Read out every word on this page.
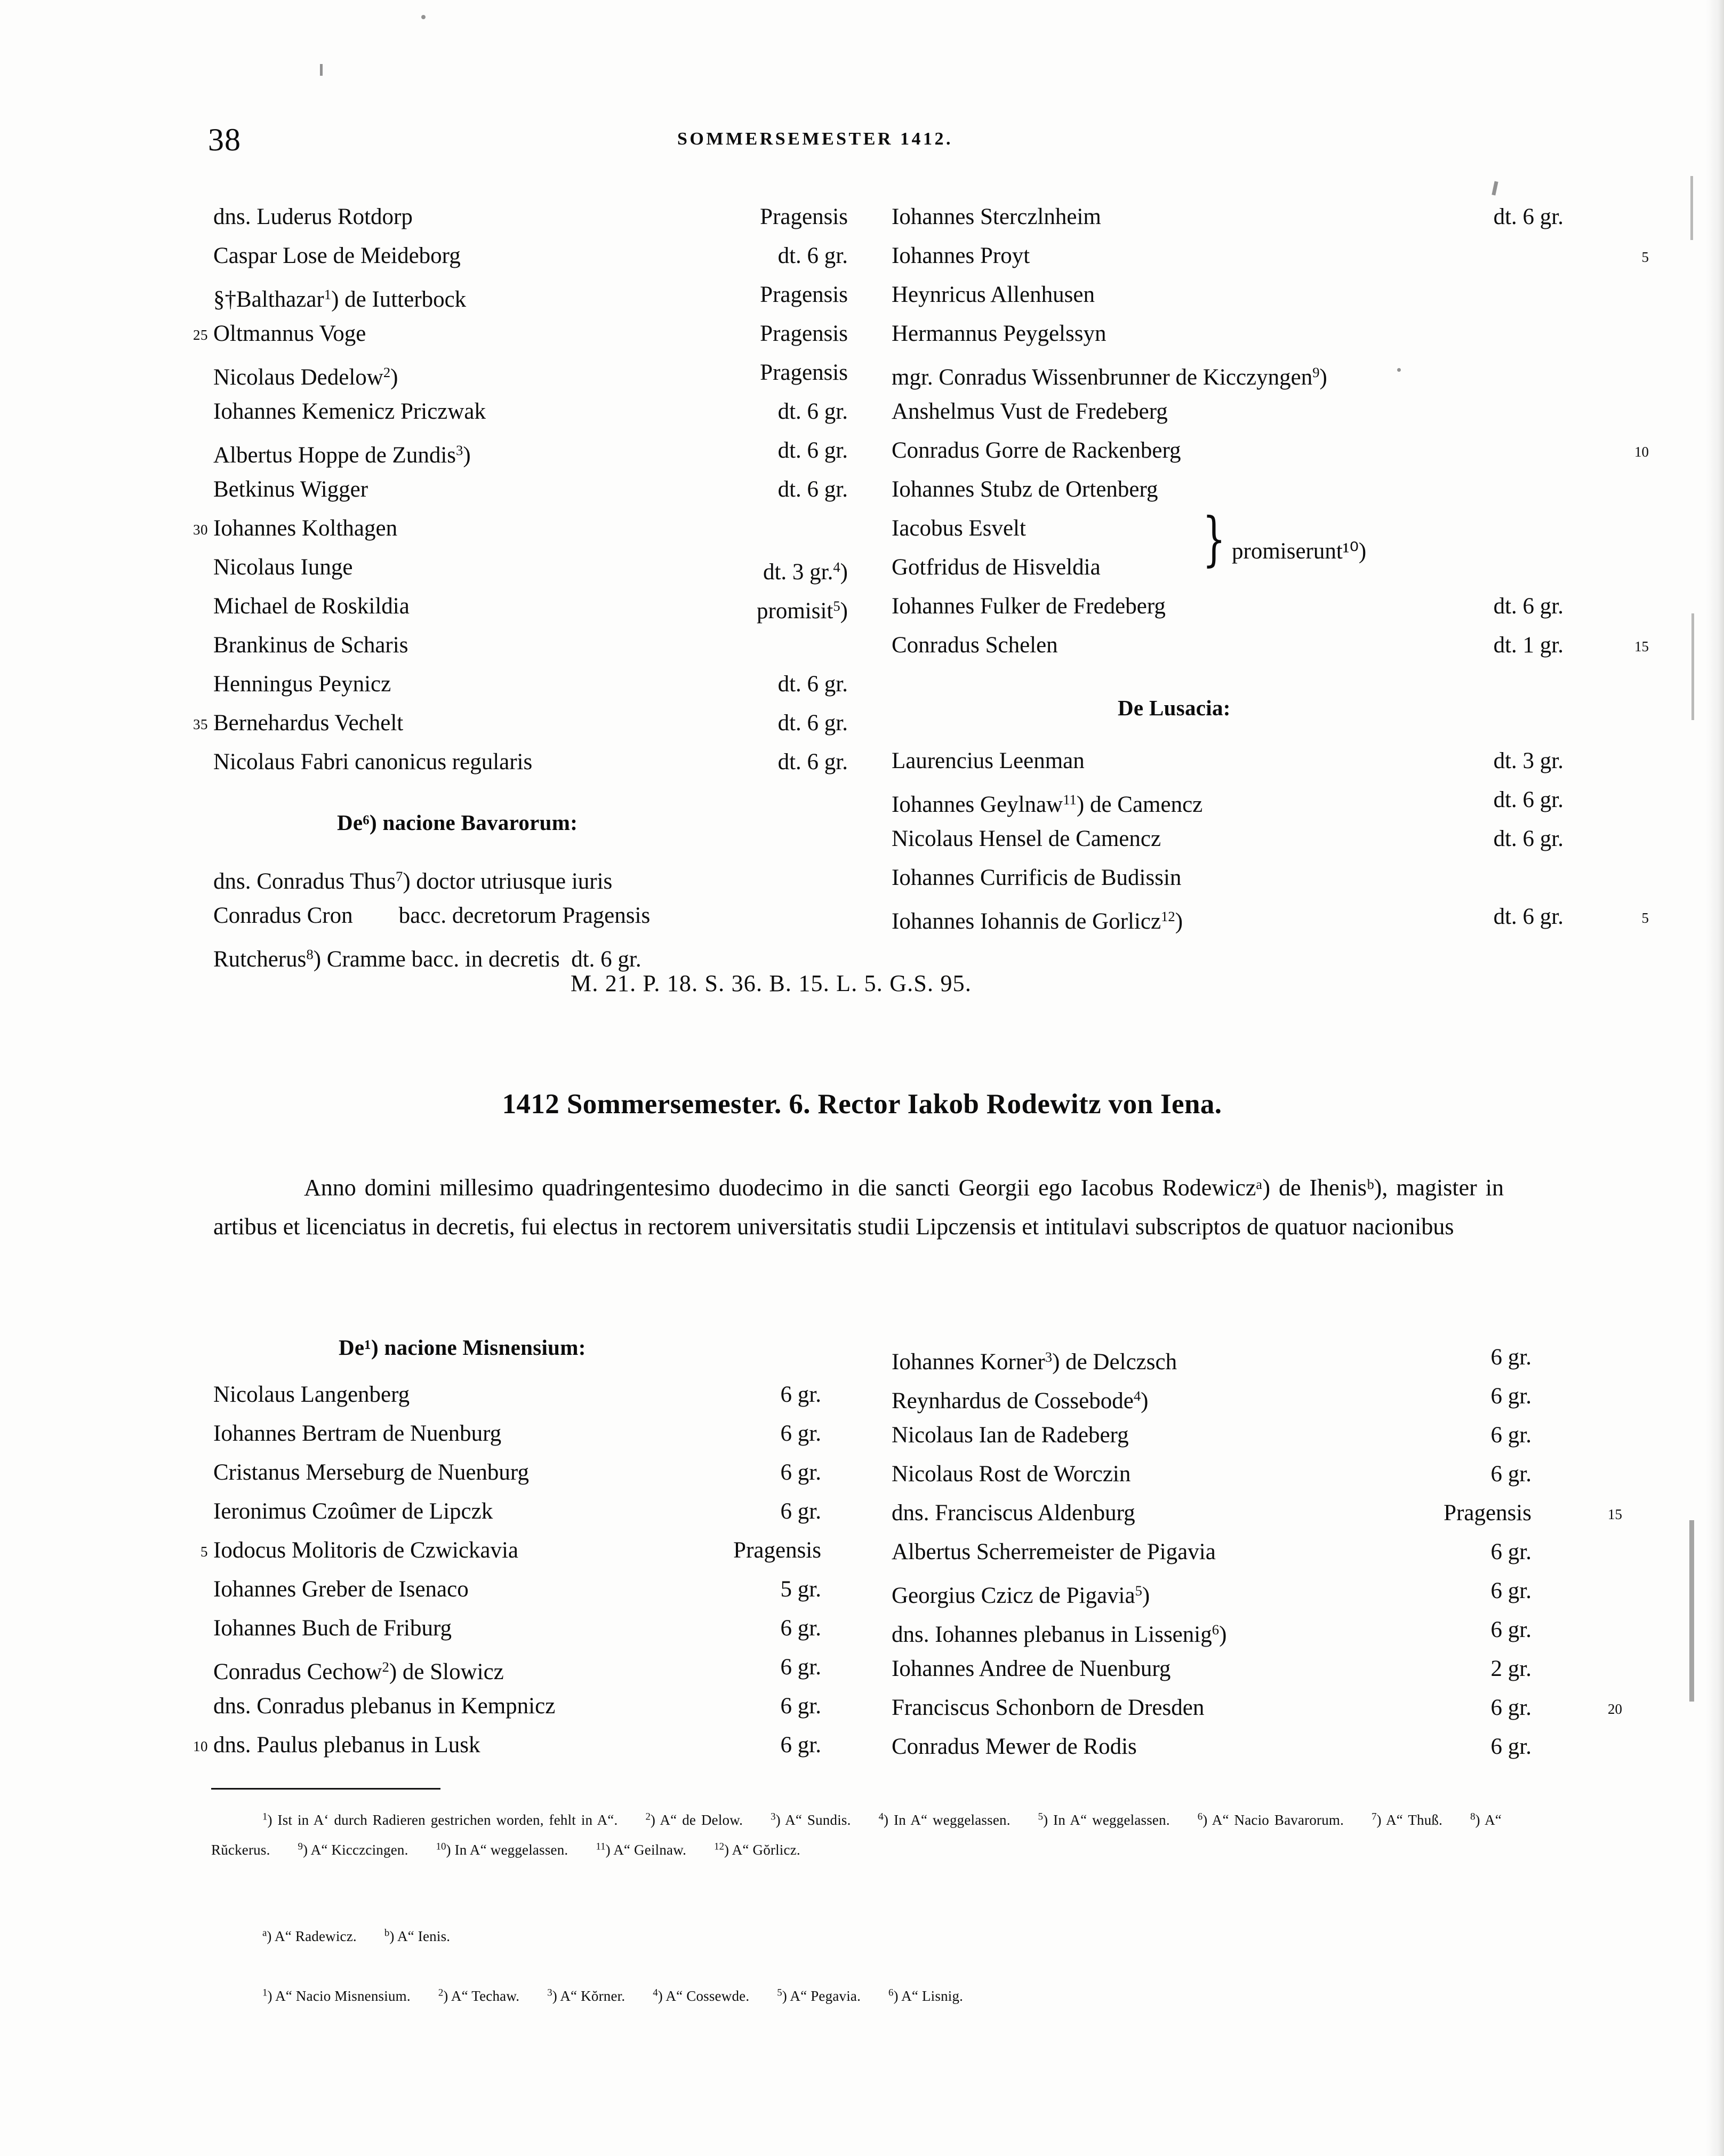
38	SOMMERSEMESTER 1412.
dns. Luderus Rotdorp	Pragensis
Caspar Lose de Meideborg	dt. 6 gr.
§†Balthazar$^1$) de Iutterbock	Pragensis
25 Oltmannus Voge	Pragensis
Nicolaus Dedelow$^2$)	Pragensis
Iohannes Kemenicz Priczwak	dt. 6 gr.
Albertus Hoppe de Zundis$^3$)	dt. 6 gr.
Betkinus Wigger	dt. 6 gr.
30 Iohannes Kolthagen
Nicolaus Iunge	dt. 3 gr.$^4$)
Michael de Roskildia	promisit$^5$)
Brankinus de Scharis
Henningus Peynicz	dt. 6 gr.
35 Bernehardus Vechelt	dt. 6 gr.
Nicolaus Fabri canonicus regularis	dt. 6 gr.
De⁶) nacione Bavarorum:
dns. Conradus Thus$^7$) doctor utriusque iuris
Conradus Cron        bacc. decretorum Pragensis
Rutcherus$^8$) Cramme bacc. in decretis  dt. 6 gr.
Iohannes Sterczlnheim	dt. 6 gr.
Iohannes Proyt	5
Heynricus Allenhusen
Hermannus Peygelssyn
mgr. Conradus Wissenbrunner de Kicczyngen$^9$)
Anshelmus Vust de Fredeberg
Conradus Gorre de Rackenberg	10
Iohannes Stubz de Ortenberg
Iacobus Esvelt
Gotfridus de Hisveldia
Iohannes Fulker de Fredeberg	dt. 6 gr.
Conradus Schelen	dt. 1 gr.	15
} promiserunt¹⁰)
De Lusacia:
Laurencius Leenman	dt. 3 gr.
Iohannes Geylnaw$^{11}$) de Camencz	dt. 6 gr.
Nicolaus Hensel de Camencz	dt. 6 gr.
Iohannes Currificis de Budissin
Iohannes Iohannis de Gorlicz$^{12}$)	dt. 6 gr.	5
M. 21. P. 18. S. 36. B. 15. L. 5. G.S. 95.
1412 Sommersemester. 6. Rector Iakob Rodewitz von Iena.
Anno domini millesimo quadringentesimo duodecimo in die sancti Georgii ego Iacobus Rodewiczᵃ) de Ihenisᵇ), magister in artibus et licenciatus in decretis, fui electus in rectorem universitatis studii Lipczensis et intitulavi subscriptos de quatuor nacionibus
De¹) nacione Misnensium:
Nicolaus Langenberg	6 gr.
Iohannes Bertram de Nuenburg	6 gr.
Cristanus Merseburg de Nuenburg	6 gr.
Ieronimus Czoûmer de Lipczk	6 gr.
5 Iodocus Molitoris de Czwickavia	Pragensis
Iohannes Greber de Isenaco	5 gr.
Iohannes Buch de Friburg	6 gr.
Conradus Cechow$^2$) de Slowicz	6 gr.
dns. Conradus plebanus in Kempnicz	6 gr.
10 dns. Paulus plebanus in Lusk	6 gr.
Iohannes Korner$^3$) de Delczsch	6 gr.
Reynhardus de Cossebode$^4$)	6 gr.
Nicolaus Ian de Radeberg	6 gr.
Nicolaus Rost de Worczin	6 gr.
dns. Franciscus Aldenburg	Pragensis	15
Albertus Scherremeister de Pigavia	6 gr.
Georgius Czicz de Pigavia$^5$)	6 gr.
dns. Iohannes plebanus in Lissenig$^6$)	6 gr.
Iohannes Andree de Nuenburg	2 gr.
Franciscus Schonborn de Dresden	6 gr.	20
Conradus Mewer de Rodis	6 gr.
$^1$) Ist in A‘ durch Radieren gestrichen worden, fehlt in A“.	$^2$) A“ de Delow.	$^3$) A“ Sundis.	$^4$) In A“ weggelassen.	$^5$) In A“ weggelassen.	$^6$) A“ Nacio Bavarorum.	$^7$) A“ Thuß.	$^8$) A“ Rŭckerus.	$^9$) A“ Kicczcingen.	$^{10}$) In A“ weggelassen.	$^{11}$) A“ Geilnaw.	$^{12}$) A“ Gŏrlicz.
$^a$) A“ Radewicz.	$^b$) A“ Ienis.
$^1$) A“ Nacio Misnensium.	$^2$) A“ Techaw.	$^3$) A“ Kŏrner.	$^4$) A“ Cossewde.	$^5$) A“ Pegavia.	$^6$) A“ Lisnig.
